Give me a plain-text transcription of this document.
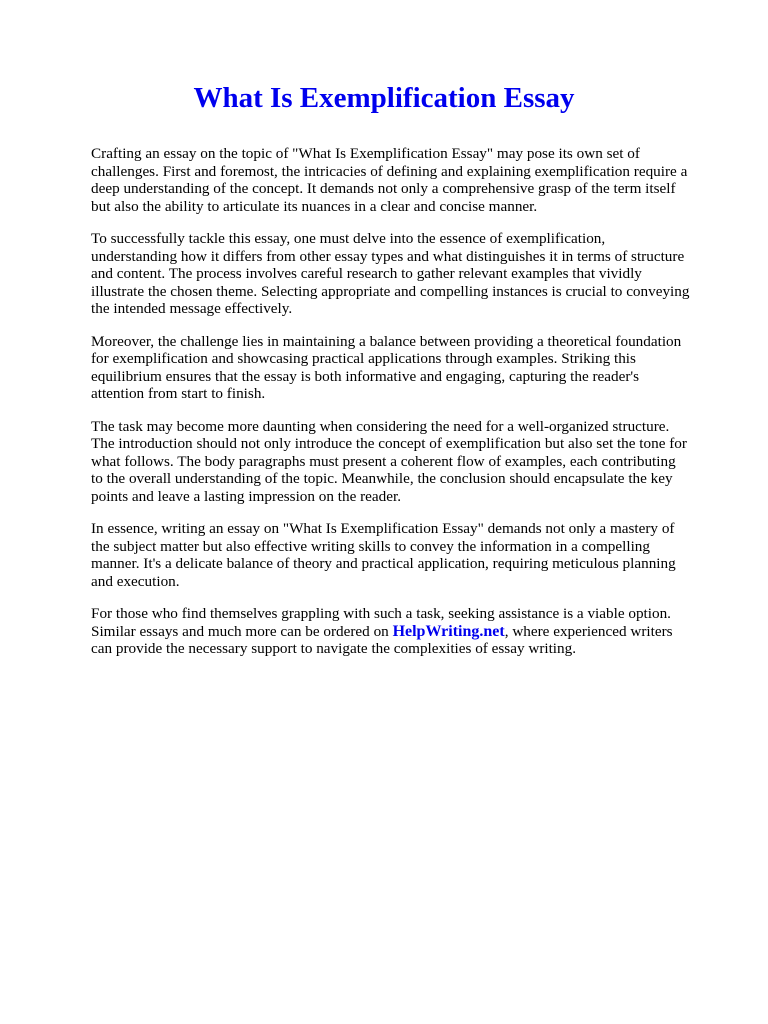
What Is Exemplification Essay

Crafting an essay on the topic of "What Is Exemplification Essay" may pose its own set of challenges. First and foremost, the intricacies of defining and explaining exemplification require a deep understanding of the concept. It demands not only a comprehensive grasp of the term itself but also the ability to articulate its nuances in a clear and concise manner.

To successfully tackle this essay, one must delve into the essence of exemplification, understanding how it differs from other essay types and what distinguishes it in terms of structure and content. The process involves careful research to gather relevant examples that vividly illustrate the chosen theme. Selecting appropriate and compelling instances is crucial to conveying the intended message effectively.

Moreover, the challenge lies in maintaining a balance between providing a theoretical foundation for exemplification and showcasing practical applications through examples. Striking this equilibrium ensures that the essay is both informative and engaging, capturing the reader's attention from start to finish.

The task may become more daunting when considering the need for a well-organized structure. The introduction should not only introduce the concept of exemplification but also set the tone for what follows. The body paragraphs must present a coherent flow of examples, each contributing to the overall understanding of the topic. Meanwhile, the conclusion should encapsulate the key points and leave a lasting impression on the reader.

In essence, writing an essay on "What Is Exemplification Essay" demands not only a mastery of the subject matter but also effective writing skills to convey the information in a compelling manner. It's a delicate balance of theory and practical application, requiring meticulous planning and execution.

For those who find themselves grappling with such a task, seeking assistance is a viable option. Similar essays and much more can be ordered on HelpWriting.net, where experienced writers can provide the necessary support to navigate the complexities of essay writing.
